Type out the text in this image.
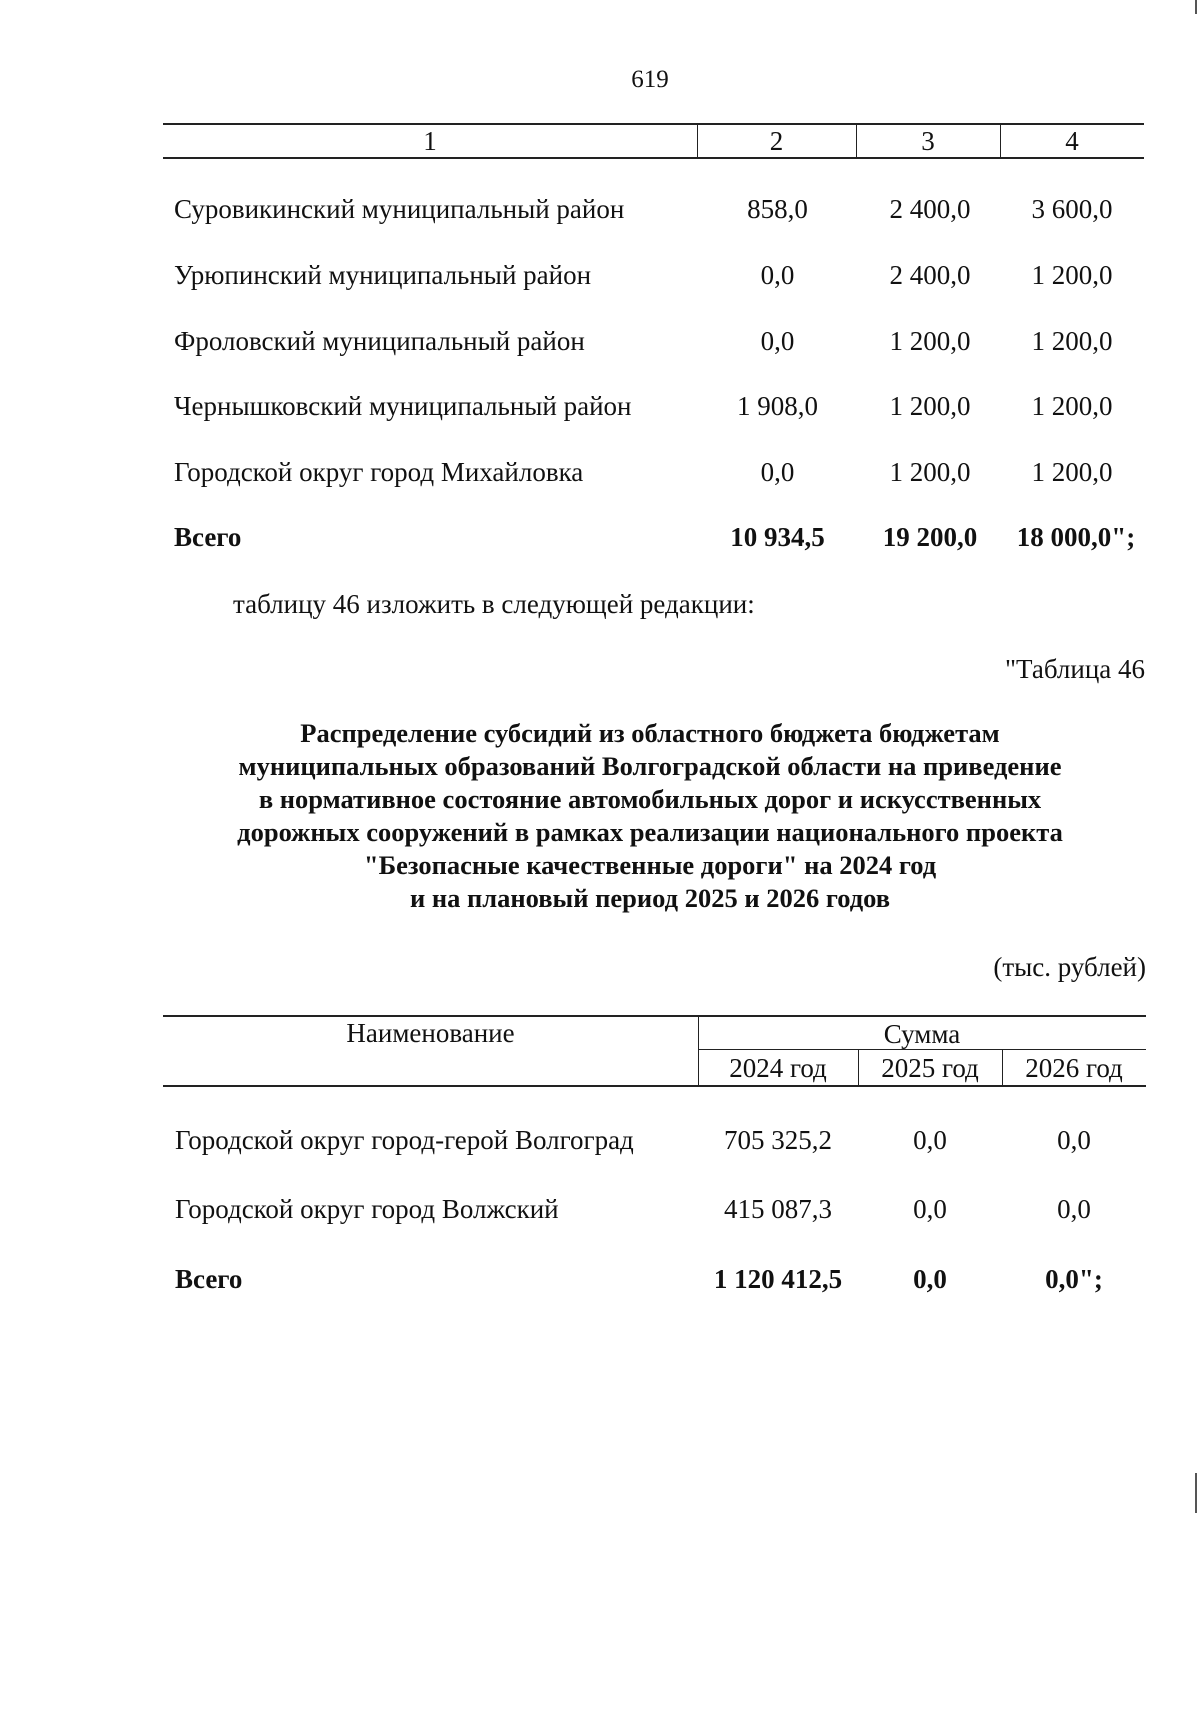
619
1	2	3	4
Суровикинский муниципальный район	858,0	2 400,0	3 600,0
Урюпинский муниципальный район	0,0	2 400,0	1 200,0
Фроловский муниципальный район	0,0	1 200,0	1 200,0
Чернышковский муниципальный район	1 908,0	1 200,0	1 200,0
Городской округ город Михайловка	0,0	1 200,0	1 200,0
Всего	10 934,5	19 200,0	18 000,0";
таблицу 46 изложить в следующей редакции:
"Таблица 46
Распределение субсидий из областного бюджета бюджетам
муниципальных образований Волгоградской области на приведение
в нормативное состояние автомобильных дорог и искусственных
дорожных сооружений в рамках реализации национального проекта
"Безопасные качественные дороги" на 2024 год
и на плановый период 2025 и 2026 годов
(тыс. рублей)
Наименование	Сумма
2024 год	2025 год	2026 год
Городской округ город-герой Волгоград	705 325,2	0,0	0,0
Городской округ город Волжский	415 087,3	0,0	0,0
Всего	1 120 412,5	0,0	0,0";
